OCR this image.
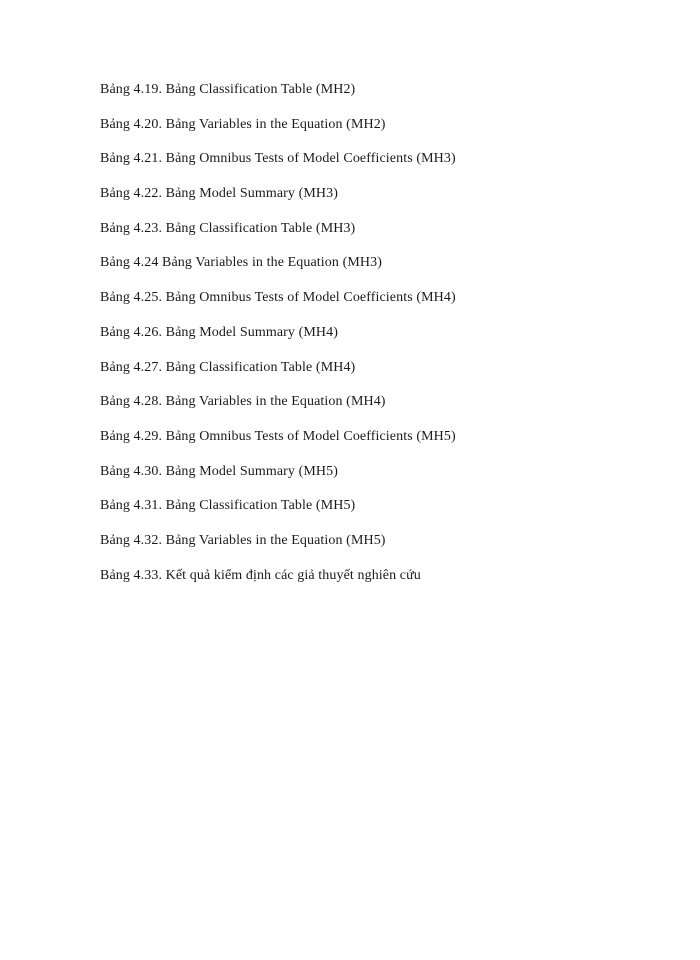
Bảng 4.19. Bảng Classification Table (MH2)
Bảng 4.20. Bảng Variables in the Equation (MH2)
Bảng 4.21. Bảng Omnibus Tests of Model Coefficients (MH3)
Bảng 4.22. Bảng Model Summary (MH3)
Bảng 4.23. Bảng Classification Table (MH3)
Bảng 4.24 Bảng Variables in the Equation (MH3)
Bảng 4.25. Bảng Omnibus Tests of Model Coefficients (MH4)
Bảng 4.26. Bảng Model Summary (MH4)
Bảng 4.27. Bảng Classification Table (MH4)
Bảng 4.28. Bảng Variables in the Equation (MH4)
Bảng 4.29. Bảng Omnibus Tests of Model Coefficients (MH5)
Bảng 4.30. Bảng Model Summary (MH5)
Bảng 4.31. Bảng Classification Table (MH5)
Bảng 4.32. Bảng Variables in the Equation (MH5)
Bảng 4.33. Kết quả kiểm định các giả thuyết nghiên cứu
